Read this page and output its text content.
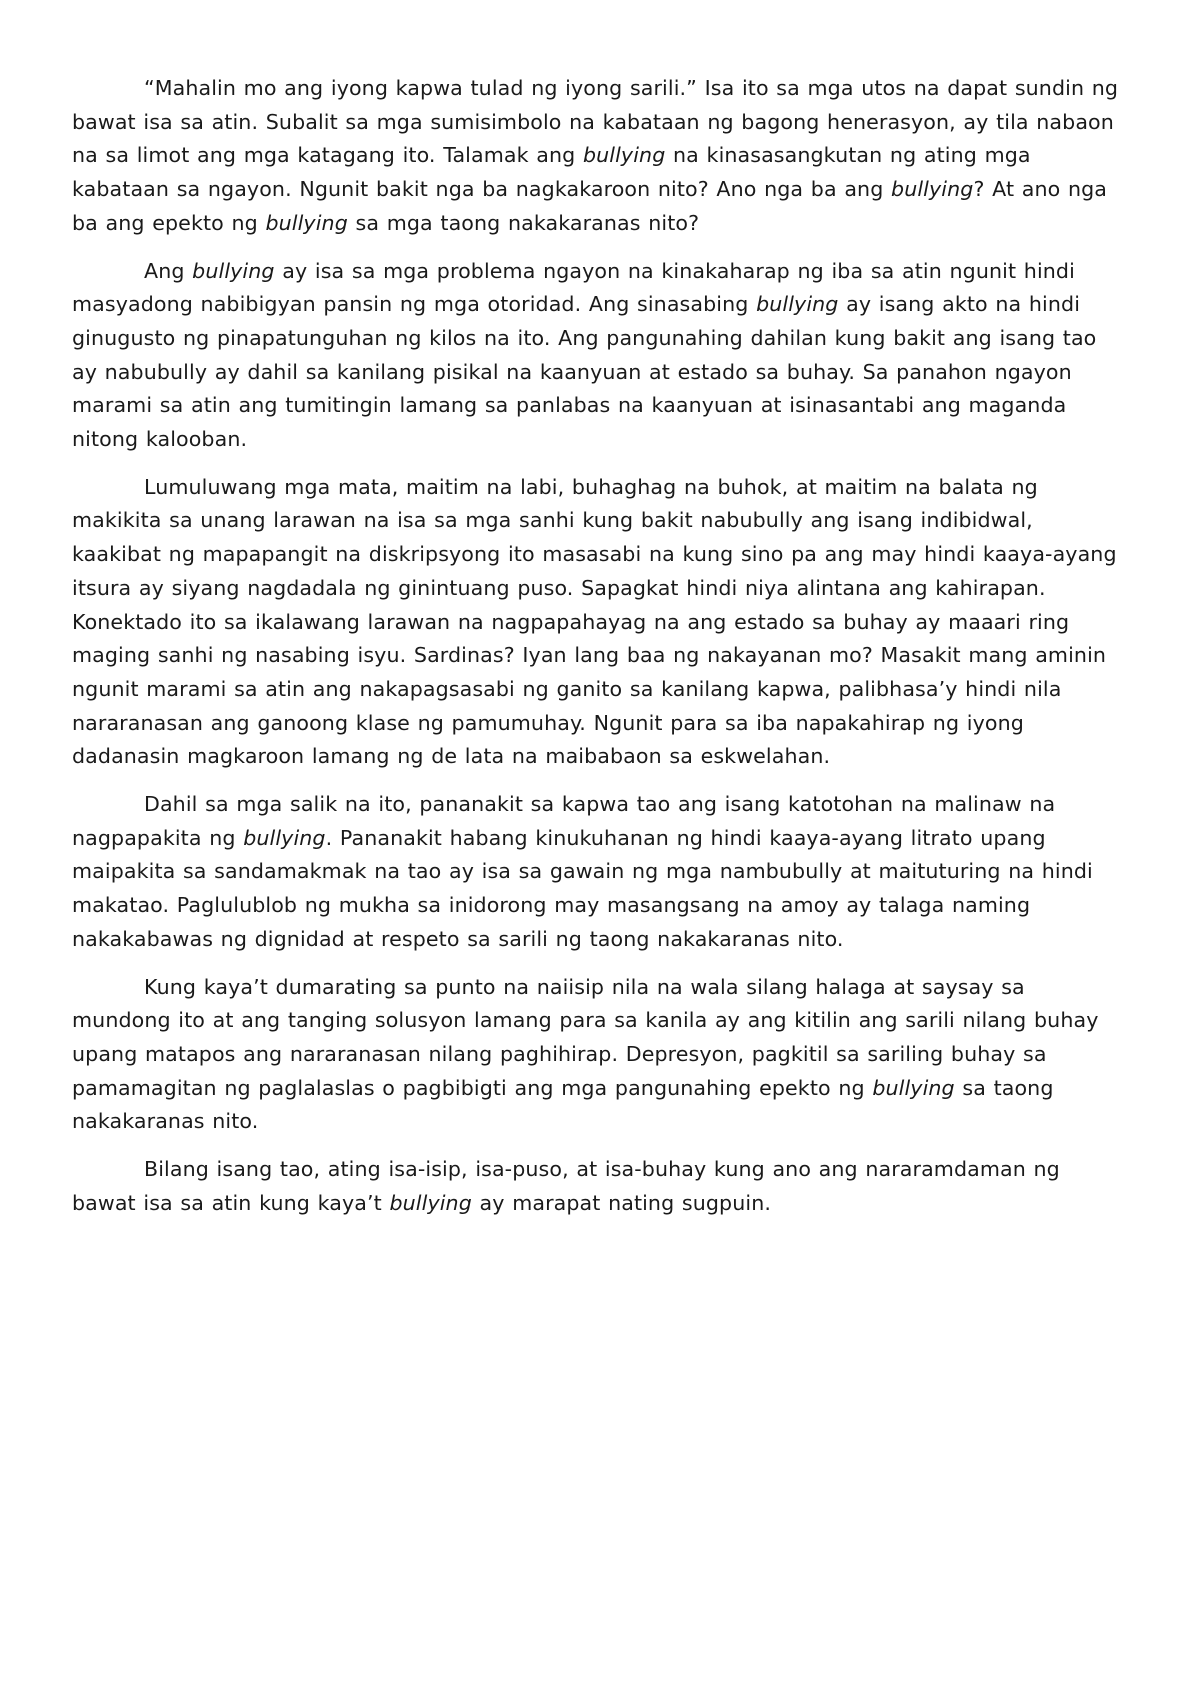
“Mahalin mo ang iyong kapwa tulad ng iyong sarili.” Isa ito sa mga utos na dapat sundin ng bawat isa sa atin. Subalit sa mga sumisimbolo na kabataan ng bagong henerasyon, ay tila nabaon na sa limot ang mga katagang ito. Talamak ang bullying na kinasasangkutan ng ating mga kabataan sa ngayon. Ngunit bakit nga ba nagkakaroon nito? Ano nga ba ang bullying? At ano nga ba ang epekto ng bullying sa mga taong nakakaranas nito?

Ang bullying ay isa sa mga problema ngayon na kinakaharap ng iba sa atin ngunit hindi masyadong nabibigyan pansin ng mga otoridad. Ang sinasabing bullying ay isang akto na hindi ginugusto ng pinapatunguhan ng kilos na ito. Ang pangunahing dahilan kung bakit ang isang tao ay nabubully ay dahil sa kanilang pisikal na kaanyuan at estado sa buhay. Sa panahon ngayon marami sa atin ang tumitingin lamang sa panlabas na kaanyuan at isinasantabi ang maganda nitong kalooban.

Lumuluwang mga mata, maitim na labi, buhaghag na buhok, at maitim na balata ng makikita sa unang larawan na isa sa mga sanhi kung bakit nabubully ang isang indibidwal, kaakibat ng mapapangit na diskripsyong ito masasabi na kung sino pa ang may hindi kaaya-ayang itsura ay siyang nagdadala ng ginintuang puso. Sapagkat hindi niya alintana ang kahirapan. Konektado ito sa ikalawang larawan na nagpapahayag na ang estado sa buhay ay maaari ring maging sanhi ng nasabing isyu. Sardinas? Iyan lang baa ng nakayanan mo? Masakit mang aminin ngunit marami sa atin ang nakapagsasabi ng ganito sa kanilang kapwa, palibhasa’y hindi nila nararanasan ang ganoong klase ng pamumuhay. Ngunit para sa iba napakahirap ng iyong dadanasin magkaroon lamang ng de lata na maibabaon sa eskwelahan.

Dahil sa mga salik na ito, pananakit sa kapwa tao ang isang katotohan na malinaw na nagpapakita ng bullying. Pananakit habang kinukuhanan ng hindi kaaya-ayang litrato upang maipakita sa sandamakmak na tao ay isa sa gawain ng mga nambubully at maituturing na hindi makatao. Paglulublob ng mukha sa inidorong may masangsang na amoy ay talaga naming nakakabawas ng dignidad at respeto sa sarili ng taong nakakaranas nito.

Kung kaya’t dumarating sa punto na naiisip nila na wala silang halaga at saysay sa mundong ito at ang tanging solusyon lamang para sa kanila ay ang kitilin ang sarili nilang buhay upang matapos ang nararanasan nilang paghihirap. Depresyon, pagkitil sa sariling buhay sa pamamagitan ng paglalaslas o pagbibigti ang mga pangunahing epekto ng bullying sa taong nakakaranas nito.

Bilang isang tao, ating isa-isip, isa-puso, at isa-buhay kung ano ang nararamdaman ng bawat isa sa atin kung kaya’t bullying ay marapat nating sugpuin.
